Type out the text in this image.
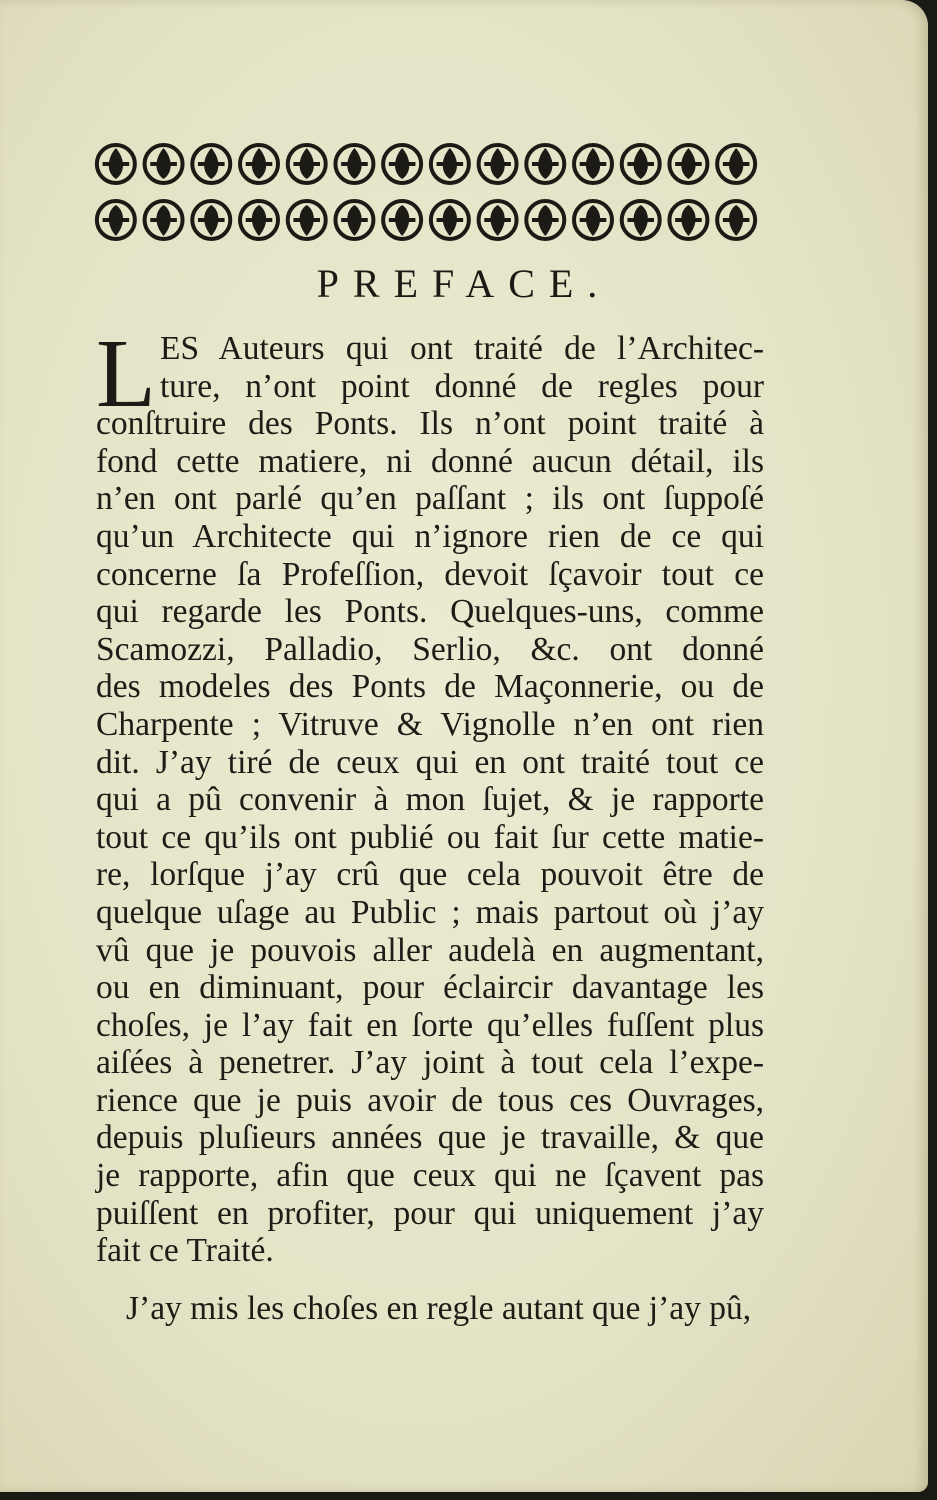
PREFACE.
L ES Auteurs qui ont traité de l’Architec-
ture, n’ont point donné de regles pour
conſtruire des Ponts. Ils n’ont point traité à
fond cette matiere, ni donné aucun détail, ils
n’en ont parlé qu’en paſſant ; ils ont ſuppoſé
qu’un Architecte qui n’ignore rien de ce qui
concerne ſa Profeſſion, devoit ſçavoir tout ce
qui regarde les Ponts. Quelques-uns, comme
Scamozzi, Palladio, Serlio, &c. ont donné
des modeles des Ponts de Maçonnerie, ou de
Charpente ; Vitruve & Vignolle n’en ont rien
dit. J’ay tiré de ceux qui en ont traité tout ce
qui a pû convenir à mon ſujet, & je rapporte
tout ce qu’ils ont publié ou fait ſur cette matie-
re, lorſque j’ay crû que cela pouvoit être de
quelque uſage au Public ; mais partout où j’ay
vû que je pouvois aller audelà en augmentant,
ou en diminuant, pour éclaircir davantage les
choſes, je l’ay fait en ſorte qu’elles fuſſent plus
aiſées à penetrer. J’ay joint à tout cela l’expe-
rience que je puis avoir de tous ces Ouvrages,
depuis pluſieurs années que je travaille, & que
je rapporte, afin que ceux qui ne ſçavent pas
puiſſent en profiter, pour qui uniquement j’ay
fait ce Traité.
J’ay mis les choſes en regle autant que j’ay pû,
